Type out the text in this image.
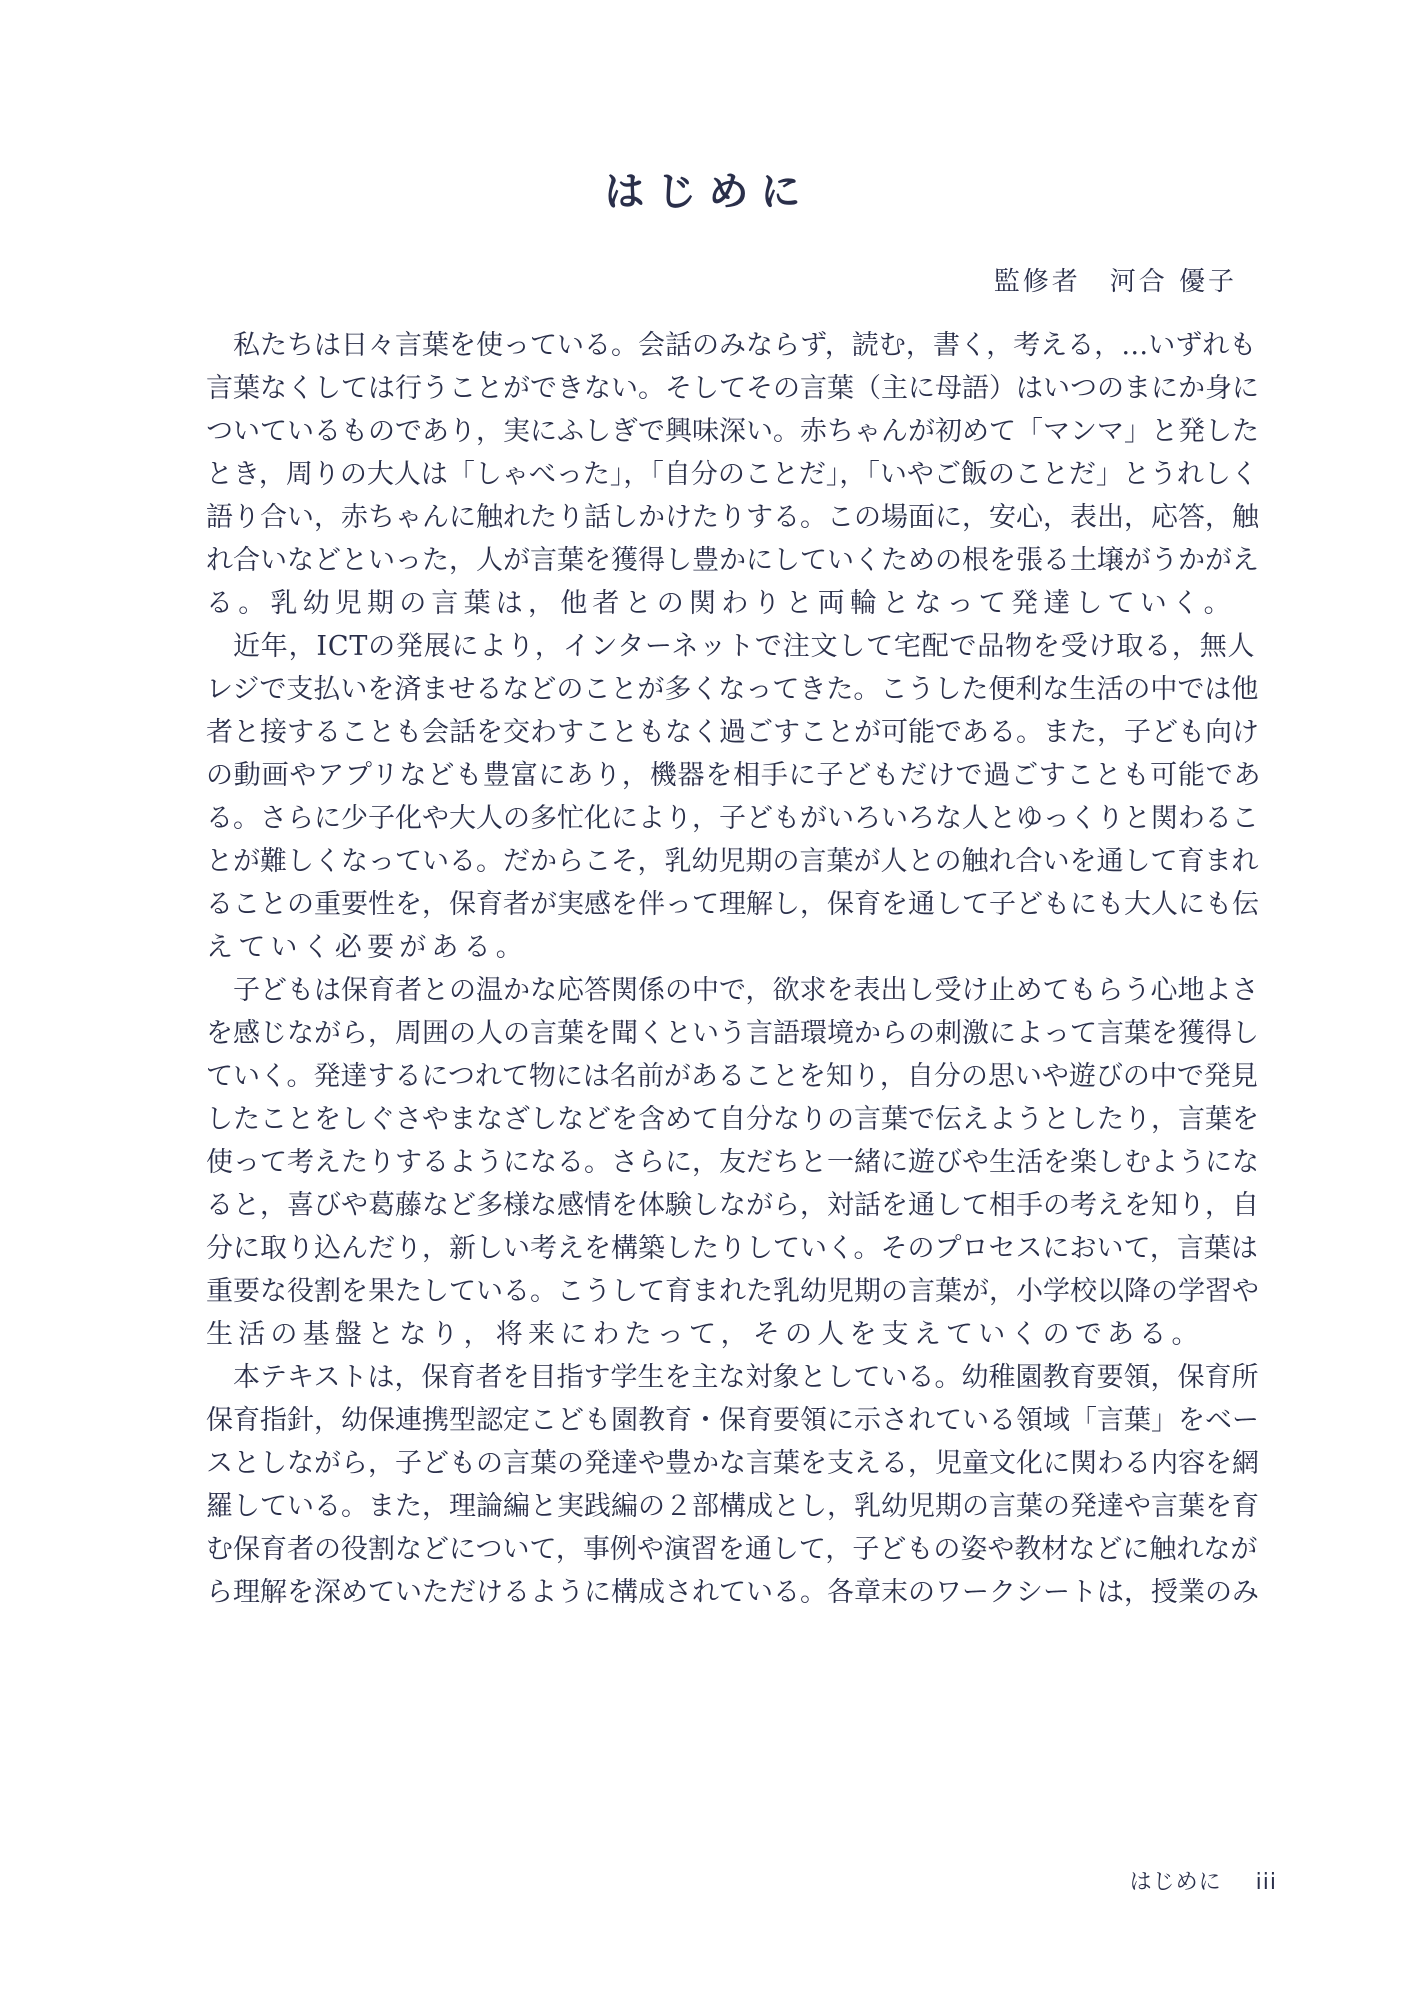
はじめに
監修者　河合 優子
私たちは日々言葉を使っている。会話のみならず，読む，書く，考える，…いずれも
言葉なくしては行うことができない。そしてその言葉（主に母語）はいつのまにか身に
ついているものであり，実にふしぎで興味深い。赤ちゃんが初めて「マンマ」と発した
とき，周りの大人は「しゃべった」，「自分のことだ」，「いやご飯のことだ」とうれしく
語り合い，赤ちゃんに触れたり話しかけたりする。この場面に，安心，表出，応答，触
れ合いなどといった，人が言葉を獲得し豊かにしていくための根を張る土壌がうかがえ
る。乳幼児期の言葉は，他者との関わりと両輪となって発達していく。
近年，ICTの発展により，インターネットで注文して宅配で品物を受け取る，無人
レジで支払いを済ませるなどのことが多くなってきた。こうした便利な生活の中では他
者と接することも会話を交わすこともなく過ごすことが可能である。また，子ども向け
の動画やアプリなども豊富にあり，機器を相手に子どもだけで過ごすことも可能であ
る。さらに少子化や大人の多忙化により，子どもがいろいろな人とゆっくりと関わるこ
とが難しくなっている。だからこそ，乳幼児期の言葉が人との触れ合いを通して育まれ
ることの重要性を，保育者が実感を伴って理解し，保育を通して子どもにも大人にも伝
えていく必要がある。
子どもは保育者との温かな応答関係の中で，欲求を表出し受け止めてもらう心地よさ
を感じながら，周囲の人の言葉を聞くという言語環境からの刺激によって言葉を獲得し
ていく。発達するにつれて物には名前があることを知り，自分の思いや遊びの中で発見
したことをしぐさやまなざしなどを含めて自分なりの言葉で伝えようとしたり，言葉を
使って考えたりするようになる。さらに，友だちと一緒に遊びや生活を楽しむようにな
ると，喜びや葛藤など多様な感情を体験しながら，対話を通して相手の考えを知り，自
分に取り込んだり，新しい考えを構築したりしていく。そのプロセスにおいて，言葉は
重要な役割を果たしている。こうして育まれた乳幼児期の言葉が，小学校以降の学習や
生活の基盤となり，将来にわたって，その人を支えていくのである。
本テキストは，保育者を目指す学生を主な対象としている。幼稚園教育要領，保育所
保育指針，幼保連携型認定こども園教育・保育要領に示されている領域「言葉」をベー
スとしながら，子どもの言葉の発達や豊かな言葉を支える，児童文化に関わる内容を網
羅している。また，理論編と実践編の２部構成とし，乳幼児期の言葉の発達や言葉を育
む保育者の役割などについて，事例や演習を通して，子どもの姿や教材などに触れなが
ら理解を深めていただけるように構成されている。各章末のワークシートは，授業のみ
はじめに iii
